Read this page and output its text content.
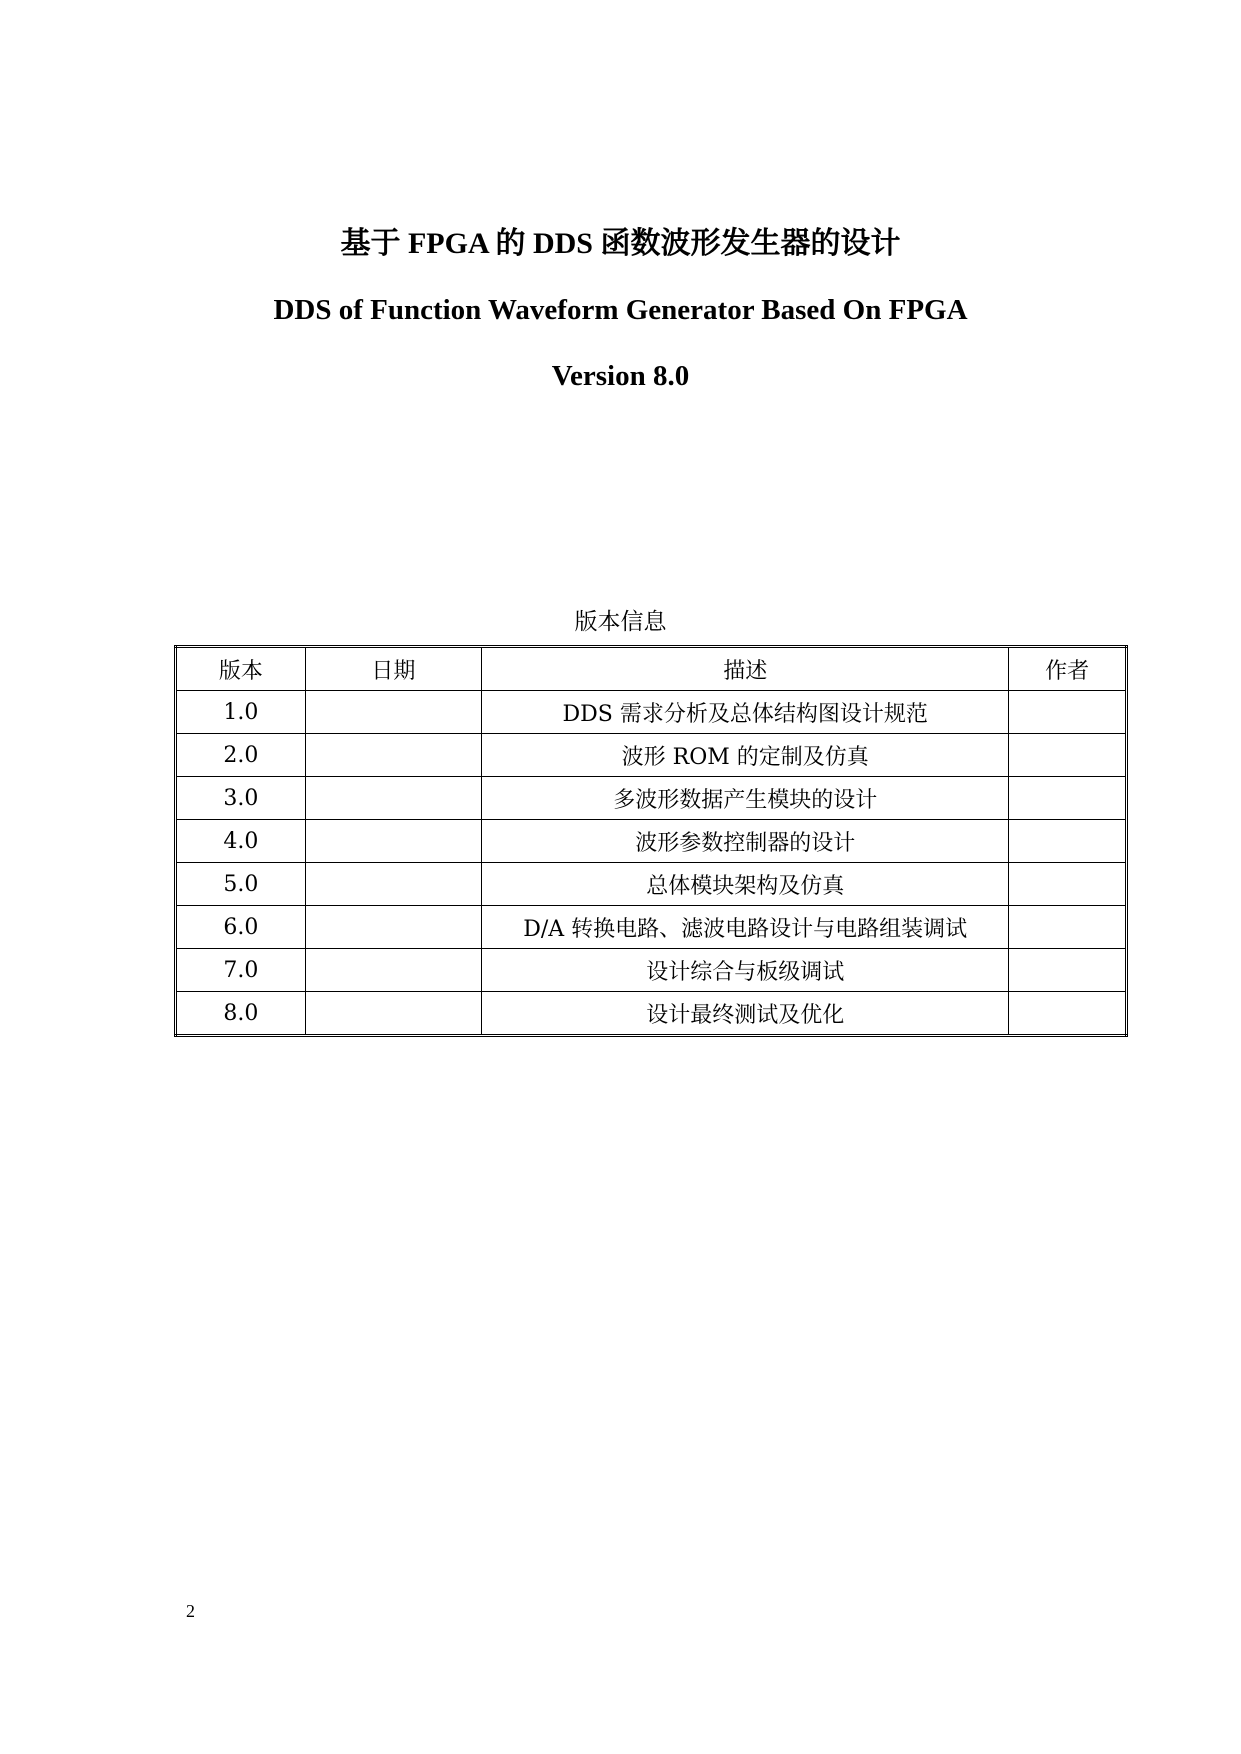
基于 FPGA 的 DDS 函数波形发生器的设计
DDS of Function Waveform Generator Based On FPGA
Version 8.0
版本信息
版本	日期	描述	作者
1.0		DDS 需求分析及总体结构图设计规范	
2.0		波形 ROM 的定制及仿真	
3.0		多波形数据产生模块的设计	
4.0		波形参数控制器的设计	
5.0		总体模块架构及仿真	
6.0		D/A 转换电路、滤波电路设计与电路组装调试	
7.0		设计综合与板级调试	
8.0		设计最终测试及优化	
2
